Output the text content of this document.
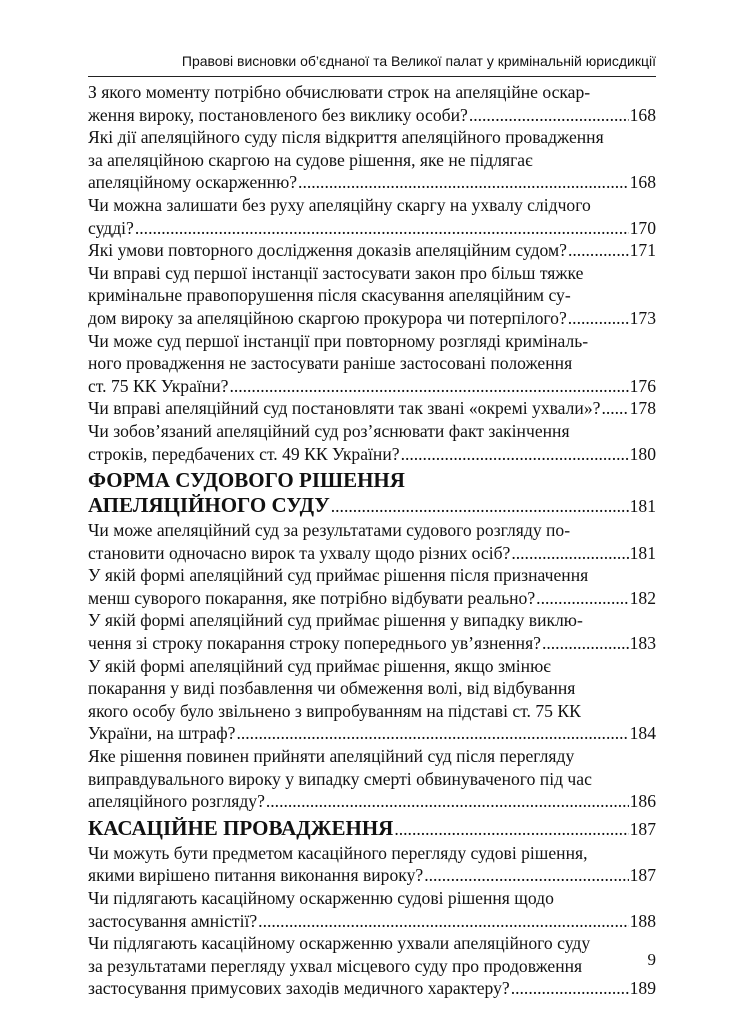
Правові висновки об’єднаної та Великої палат у кримінальній юрисдикції
З якого моменту потрібно обчислювати строк на апеляційне оскар-
ження вироку, постановленого без виклику особи? .....	168
Які дії апеляційного суду після відкриття апеляційного провадження
за апеляційною скаргою на судове рішення, яке не підлягає
апеляційному оскарженню? .....	168
Чи можна залишати без руху апеляційну скаргу на ухвалу слідчого
судді? .....	170
Які умови повторного дослідження доказів апеляційним судом? .....	171
Чи вправі суд першої інстанції застосувати закон про більш тяжке
кримінальне правопорушення після скасування апеляційним су-
дом вироку за апеляційною скаргою прокурора чи потерпілого? .....	173
Чи може суд першої інстанції при повторному розгляді криміналь-
ного провадження не застосувати раніше застосовані положення
ст. 75 КК України? .....	176
Чи вправі апеляційний суд постановляти так звані «окремі ухвали»? ..... 178
Чи зобов’язаний апеляційний суд роз’яснювати факт закінчення
строків, передбачених ст. 49 КК України? .....	180
ФОРМА СУДОВОГО РІШЕННЯ
АПЕЛЯЦІЙНОГО СУДУ .....	181
Чи може апеляційний суд за результатами судового розгляду по-
становити одночасно вирок та ухвалу щодо різних осіб? .....	181
У якій формі апеляційний суд приймає рішення після призначення
менш суворого покарання, яке потрібно відбувати реально? .....	182
У якій формі апеляційний суд приймає рішення у випадку виклю-
чення зі строку покарання строку попереднього ув’язнення? .....	183
У якій формі апеляційний суд приймає рішення, якщо змінює
покарання у виді позбавлення чи обмеження волі, від відбування
якого особу було звільнено з випробуванням на підставі ст. 75 КК
України, на штраф? .....	184
Яке рішення повинен прийняти апеляційний суд після перегляду
виправдувального вироку у випадку смерті обвинуваченого під час
апеляційного розгляду? .....	186
КАСАЦІЙНЕ ПРОВАДЖЕННЯ .....	187
Чи можуть бути предметом касаційного перегляду судові рішення,
якими вирішено питання виконання вироку? .....	187
Чи підлягають касаційному оскарженню судові рішення щодо
застосування амністії? .....	188
Чи підлягають касаційному оскарженню ухвали апеляційного суду
за результатами перегляду ухвал місцевого суду про продовження
застосування примусових заходів медичного характеру? .....	189
9
